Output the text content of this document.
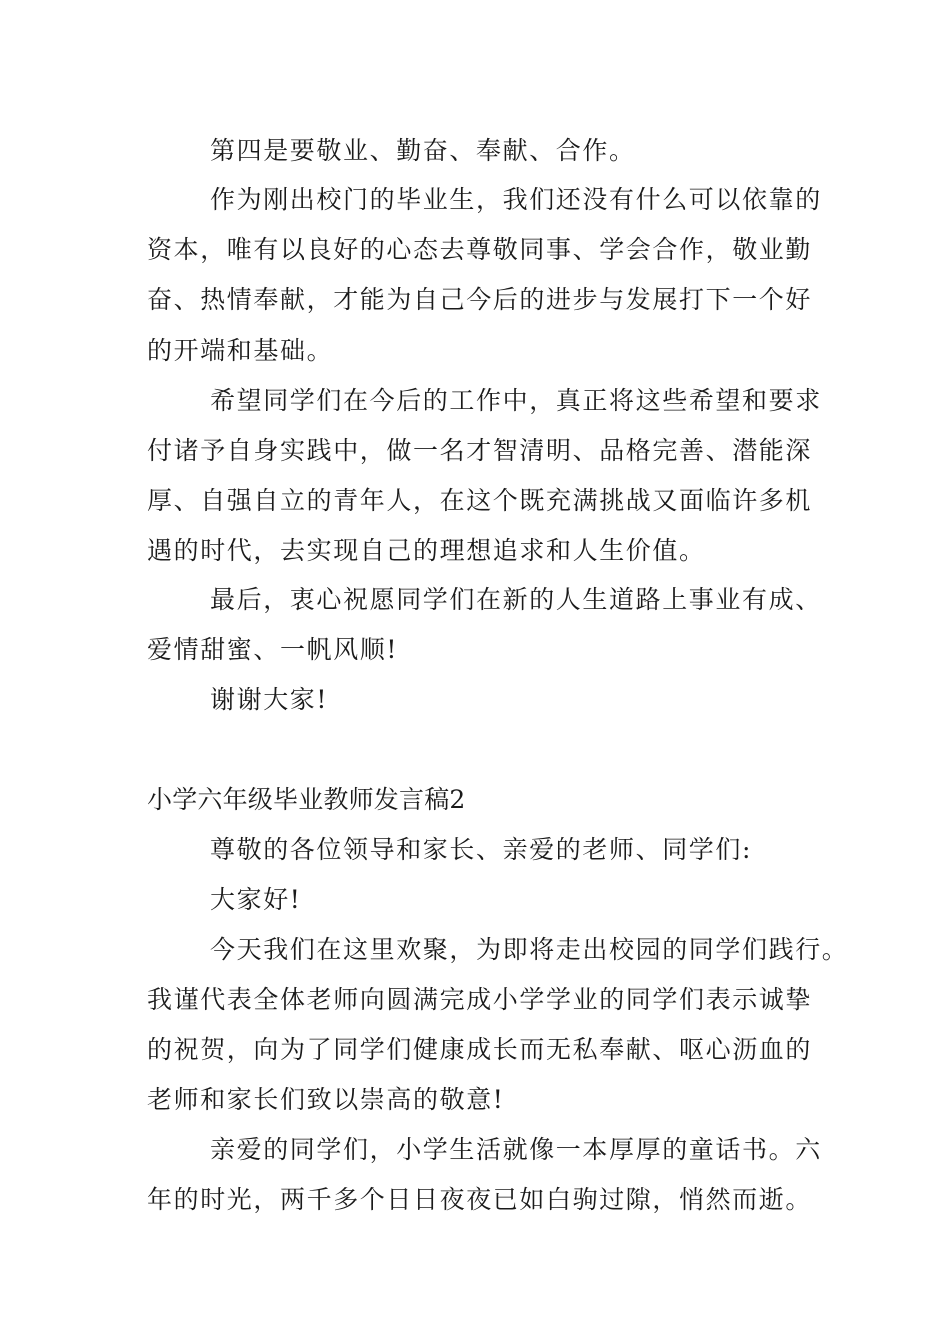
第四是要敬业、勤奋、奉献、合作。
作为刚出校门的毕业生，我们还没有什么可以依靠的
资本，唯有以良好的心态去尊敬同事、学会合作，敬业勤
奋、热情奉献，才能为自己今后的进步与发展打下一个好
的开端和基础。
希望同学们在今后的工作中，真正将这些希望和要求
付诸予自身实践中，做一名才智清明、品格完善、潜能深
厚、自强自立的青年人，在这个既充满挑战又面临许多机
遇的时代，去实现自己的理想追求和人生价值。
最后，衷心祝愿同学们在新的人生道路上事业有成、
爱情甜蜜、一帆风顺!
谢谢大家!
小学六年级毕业教师发言稿2
尊敬的各位领导和家长、亲爱的老师、同学们:
大家好!
今天我们在这里欢聚，为即将走出校园的同学们践行。
我谨代表全体老师向圆满完成小学学业的同学们表示诚挚
的祝贺，向为了同学们健康成长而无私奉献、呕心沥血的
老师和家长们致以崇高的敬意!
亲爱的同学们，小学生活就像一本厚厚的童话书。六
年的时光，两千多个日日夜夜已如白驹过隙，悄然而逝。
